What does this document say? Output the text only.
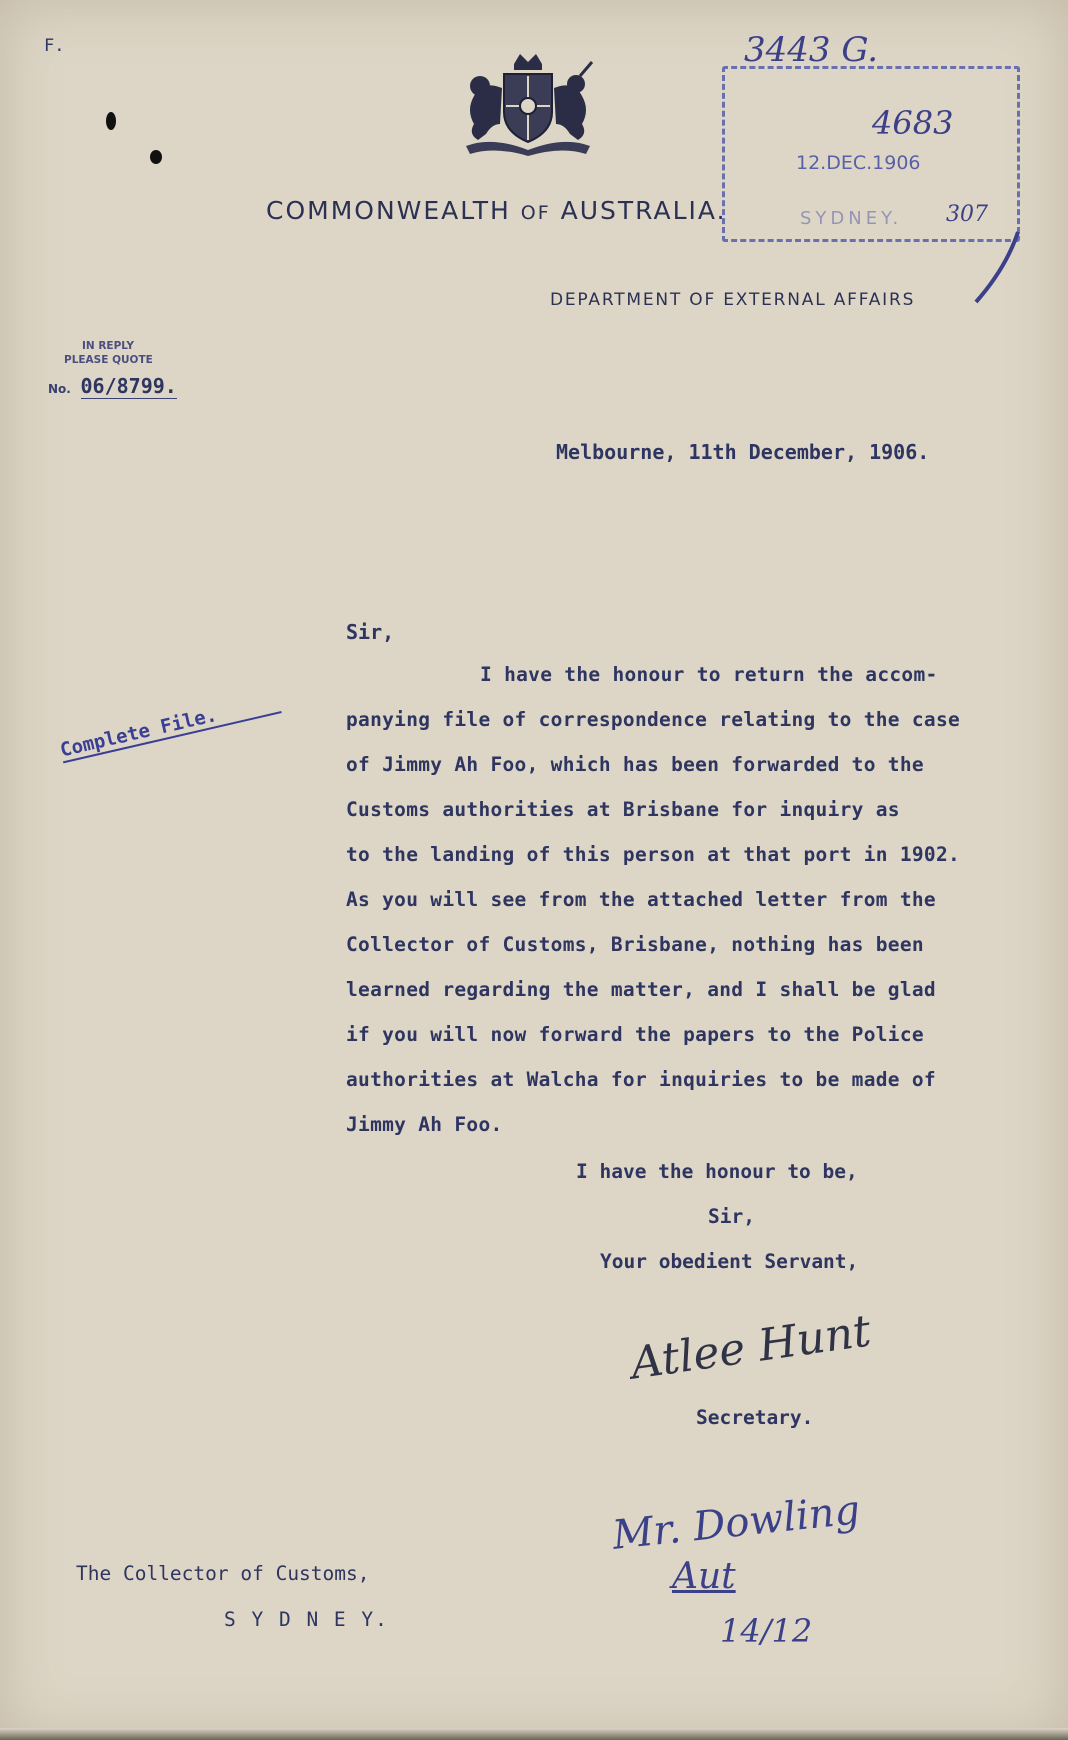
F.
COMMONWEALTH OF AUSTRALIA.
DEPARTMENT OF EXTERNAL AFFAIRS
3443 G.
4683
12.DEC.1906
SYDNEY. 307
IN REPLY
PLEASE QUOTE
No. 06/8799.
Melbourne, 11th December, 1906.
Sir,
Complete File.
I have the honour to return the accom-
panying file of correspondence relating to the case
of Jimmy Ah Foo, which has been forwarded to the
Customs authorities at Brisbane for inquiry as
to the landing of this person at that port in 1902.
As you will see from the attached letter from the
Collector of Customs, Brisbane, nothing has been
learned regarding the matter, and I shall be glad
if you will now forward the papers to the Police
authorities at Walcha for inquiries to be made of
Jimmy Ah Foo.
I have the honour to be,
Sir,
Your obedient Servant,
Atlee Hunt
Secretary.
Mr. Dowling
Aut
14/12
The Collector of Customs,
S Y D N E Y.
